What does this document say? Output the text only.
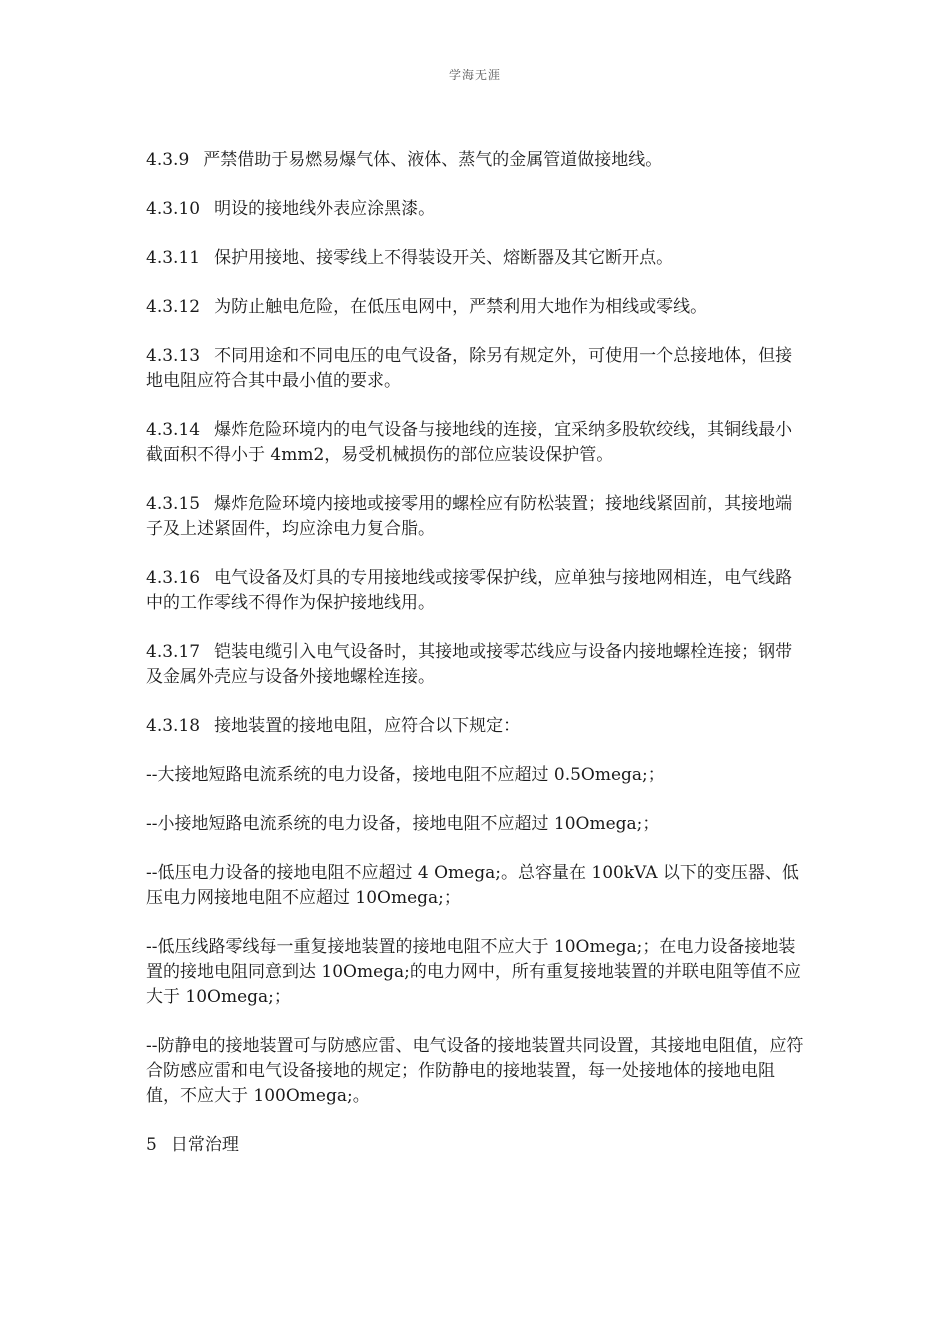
学海无涯

4.3.9 严禁借助于易燃易爆气体、液体、蒸气的金属管道做接地线。

4.3.10 明设的接地线外表应涂黑漆。

4.3.11 保护用接地、接零线上不得装设开关、熔断器及其它断开点。

4.3.12 为防止触电危险，在低压电网中，严禁利用大地作为相线或零线。

4.3.13 不同用途和不同电压的电气设备，除另有规定外，可使用一个总接地体，但接地电阻应符合其中最小值的要求。

4.3.14 爆炸危险环境内的电气设备与接地线的连接，宜采纳多股软绞线，其铜线最小截面积不得小于 4mm2，易受机械损伤的部位应装设保护管。

4.3.15 爆炸危险环境内接地或接零用的螺栓应有防松装置；接地线紧固前，其接地端子及上述紧固件，均应涂电力复合脂。

4.3.16 电气设备及灯具的专用接地线或接零保护线，应单独与接地网相连，电气线路中的工作零线不得作为保护接地线用。

4.3.17 铠装电缆引入电气设备时，其接地或接零芯线应与设备内接地螺栓连接；钢带及金属外壳应与设备外接地螺栓连接。

4.3.18 接地装置的接地电阻，应符合以下规定：

--大接地短路电流系统的电力设备，接地电阻不应超过 0.5Omega;；

--小接地短路电流系统的电力设备，接地电阻不应超过 10Omega;；

--低压电力设备的接地电阻不应超过 4 Omega;。总容量在 100kVA 以下的变压器、低压电力网接地电阻不应超过 10Omega;；

--低压线路零线每一重复接地装置的接地电阻不应大于 10Omega;；在电力设备接地装置的接地电阻同意到达 10Omega;的电力网中，所有重复接地装置的并联电阻等值不应大于 10Omega;；

--防静电的接地装置可与防感应雷、电气设备的接地装置共同设置，其接地电阻值，应符合防感应雷和电气设备接地的规定；作防静电的接地装置，每一处接地体的接地电阻值，不应大于 100Omega;。

5 日常治理
